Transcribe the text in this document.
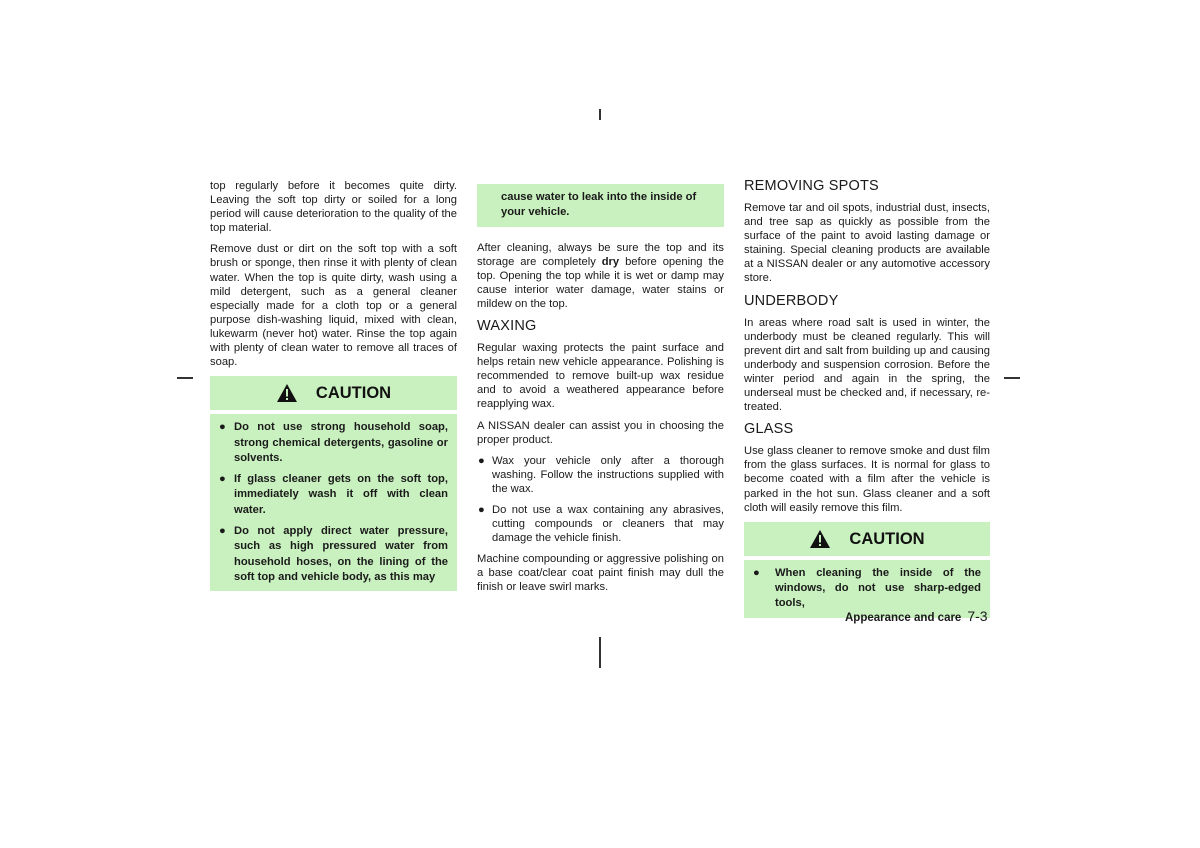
top regularly before it becomes quite dirty. Leaving the soft top dirty or soiled for a long period will cause deterioration to the quality of the top material.

Remove dust or dirt on the soft top with a soft brush or sponge, then rinse it with plenty of clean water. When the top is quite dirty, wash using a mild detergent, such as a general cleaner especially made for a cloth top or a general purpose dish-washing liquid, mixed with clean, lukewarm (never hot) water. Rinse the top again with plenty of clean water to remove all traces of soap.

CAUTION
● Do not use strong household soap, strong chemical detergents, gasoline or solvents.
● If glass cleaner gets on the soft top, immediately wash it off with clean water.
● Do not apply direct water pressure, such as high pressured water from household hoses, on the lining of the soft top and vehicle body, as this may
cause water to leak into the inside of your vehicle.

After cleaning, always be sure the top and its storage are completely dry before opening the top. Opening the top while it is wet or damp may cause interior water damage, water stains or mildew on the top.

WAXING

Regular waxing protects the paint surface and helps retain new vehicle appearance. Polishing is recommended to remove built-up wax residue and to avoid a weathered appearance before reapplying wax.

A NISSAN dealer can assist you in choosing the proper product.

● Wax your vehicle only after a thorough washing. Follow the instructions supplied with the wax.
● Do not use a wax containing any abrasives, cutting compounds or cleaners that may damage the vehicle finish.

Machine compounding or aggressive polishing on a base coat/clear coat paint finish may dull the finish or leave swirl marks.

REMOVING SPOTS

Remove tar and oil spots, industrial dust, insects, and tree sap as quickly as possible from the surface of the paint to avoid lasting damage or staining. Special cleaning products are available at a NISSAN dealer or any automotive accessory store.

UNDERBODY

In areas where road salt is used in winter, the underbody must be cleaned regularly. This will prevent dirt and salt from building up and causing underbody and suspension corrosion. Before the winter period and again in the spring, the underseal must be checked and, if necessary, re-treated.

GLASS

Use glass cleaner to remove smoke and dust film from the glass surfaces. It is normal for glass to become coated with a film after the vehicle is parked in the hot sun. Glass cleaner and a soft cloth will easily remove this film.

CAUTION
● When cleaning the inside of the windows, do not use sharp-edged tools,
Appearance and care 7-3
